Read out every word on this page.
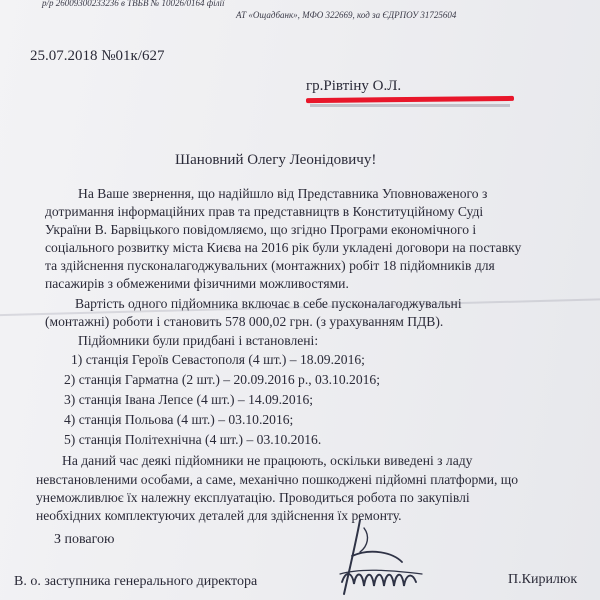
р/р 26009300233236 в ТВБВ № 10026/0164 філії
АТ «Ощадбанк», МФО 322669, код за ЄДРПОУ 31725604
25.07.2018 №01к/627
гр.Рівтіну О.Л.
Шановний Олегу Леонідовичу!
На Ваше звернення, що надійшло від Представника Уповноваженого з
дотримання інформаційних прав та представництв в Конституційному Суді
України В. Барвіцького повідомляємо, що згідно Програми економічного і
соціального розвитку міста Києва на 2016 рік були укладені договори на поставку
та здійснення пусконалагоджувальних (монтажних) робіт 18 підйомників для
пасажирів з обмеженими фізичними можливостями.
Вартість одного підйомника включає в себе пусконалагоджувальні
(монтажні) роботи і становить 578 000,02 грн. (з урахуванням ПДВ).
Підйомники були придбані і встановлені:
1) станція Героїв Севастополя (4 шт.) – 18.09.2016;
2) станція Гарматна (2 шт.) – 20.09.2016 р., 03.10.2016;
3) станція Івана Лепсе (4 шт.) – 14.09.2016;
4) станція Польова (4 шт.) – 03.10.2016;
5) станція Політехнічна (4 шт.) – 03.10.2016.
На даний час деякі підйомники не працюють, оскільки виведені з ладу
невстановленими особами, а саме, механічно пошкоджені підйомні платформи, що
унеможливлює їх належну експлуатацію. Проводиться робота по закупівлі
необхідних комплектуючих деталей для здійснення їх ремонту.
З повагою
В. о. заступника генерального директора	П.Кирилюк
